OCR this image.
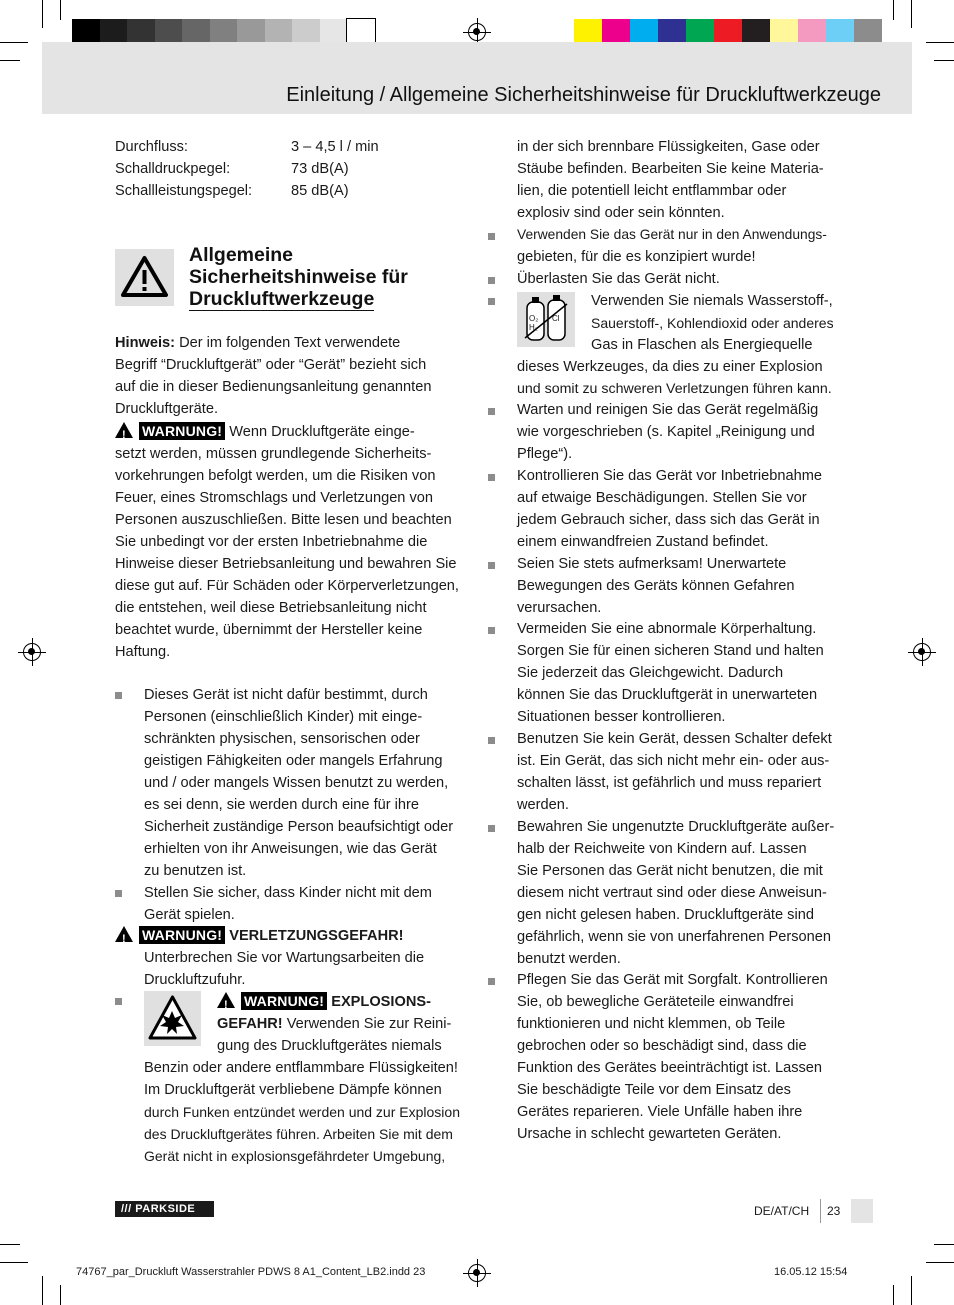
Einleitung / Allgemeine Sicherheitshinweise für Druckluftwerkzeuge
Durchfluss:	3 – 4,5 l / min
Schalldruckpegel:	73 dB(A)
Schallleistungspegel:	85 dB(A)
Allgemeine
Sicherheitshinweise für
Druckluftwerkzeuge
Hinweis: Der im folgenden Text verwendete
Begriff “Druckluftgerät” oder “Gerät” bezieht sich
auf die in dieser Bedienungsanleitung genannten
Druckluftgeräte.
!WARNUNG! Wenn Druckluftgeräte einge-
setzt werden, müssen grundlegende Sicherheits-
vorkehrungen befolgt werden, um die Risiken von
Feuer, eines Stromschlags und Verletzungen von
Personen auszuschließen. Bitte lesen und beachten
Sie unbedingt vor der ersten Inbetriebnahme die
Hinweise dieser Betriebsanleitung und bewahren Sie
diese gut auf. Für Schäden oder Körperverletzungen,
die entstehen, weil diese Betriebsanleitung nicht
beachtet wurde, übernimmt der Hersteller keine
Haftung.
Dieses Gerät ist nicht dafür bestimmt, durch
Personen (einschließlich Kinder) mit einge-
schränkten physischen, sensorischen oder
geistigen Fähigkeiten oder mangels Erfahrung
und / oder mangels Wissen benutzt zu werden,
es sei denn, sie werden durch eine für ihre
Sicherheit zuständige Person beaufsichtigt oder
erhielten von ihr Anweisungen, wie das Gerät
zu benutzen ist.
Stellen Sie sicher, dass Kinder nicht mit dem
Gerät spielen.
!WARNUNG! VERLETZUNGSGEFAHR!
Unterbrechen Sie vor Wartungsarbeiten die
Druckluftzufuhr.
!WARNUNG! EXPLOSIONS-
GEFAHR! Verwenden Sie zur Reini-
gung des Druckluftgerätes niemals
Benzin oder andere entflammbare Flüssigkeiten!
Im Druckluftgerät verbliebene Dämpfe können
durch Funken entzündet werden und zur Explosion
des Druckluftgerätes führen. Arbeiten Sie mit dem
Gerät nicht in explosionsgefährdeter Umgebung,
in der sich brennbare Flüssigkeiten, Gase oder
Stäube befinden. Bearbeiten Sie keine Materia-
lien, die potentiell leicht entflammbar oder
explosiv sind oder sein könnten.
Verwenden Sie das Gerät nur in den Anwendungs-
gebieten, für die es konzipiert wurde!
Überlasten Sie das Gerät nicht.
O₂
H₂
Cl
Verwenden Sie niemals Wasserstoff-,
Sauerstoff-, Kohlendioxid oder anderes
Gas in Flaschen als Energiequelle
dieses Werkzeuges, da dies zu einer Explosion
und somit zu schweren Verletzungen führen kann.
Warten und reinigen Sie das Gerät regelmäßig
wie vorgeschrieben (s. Kapitel „Reinigung und
Pflege“).
Kontrollieren Sie das Gerät vor Inbetriebnahme
auf etwaige Beschädigungen. Stellen Sie vor
jedem Gebrauch sicher, dass sich das Gerät in
einem einwandfreien Zustand befindet.
Seien Sie stets aufmerksam! Unerwartete
Bewegungen des Geräts können Gefahren
verursachen.
Vermeiden Sie eine abnormale Körperhaltung.
Sorgen Sie für einen sicheren Stand und halten
Sie jederzeit das Gleichgewicht. Dadurch
können Sie das Druckluftgerät in unerwarteten
Situationen besser kontrollieren.
Benutzen Sie kein Gerät, dessen Schalter defekt
ist. Ein Gerät, das sich nicht mehr ein- oder aus-
schalten lässt, ist gefährlich und muss repariert
werden.
Bewahren Sie ungenutzte Druckluftgeräte außer-
halb der Reichweite von Kindern auf. Lassen
Sie Personen das Gerät nicht benutzen, die mit
diesem nicht vertraut sind oder diese Anweisun-
gen nicht gelesen haben. Druckluftgeräte sind
gefährlich, wenn sie von unerfahrenen Personen
benutzt werden.
Pflegen Sie das Gerät mit Sorgfalt. Kontrollieren
Sie, ob bewegliche Geräteteile einwandfrei
funktionieren und nicht klemmen, ob Teile
gebrochen oder so beschädigt sind, dass die
Funktion des Gerätes beeinträchtigt ist. Lassen
Sie beschädigte Teile vor dem Einsatz des
Gerätes reparieren. Viele Unfälle haben ihre
Ursache in schlecht gewarteten Geräten.
/// PARKSIDE	DE/AT/CH 23
74767_par_Druckluft Wasserstrahler PDWS 8 A1_Content_LB2.indd 23	16.05.12 15:54
